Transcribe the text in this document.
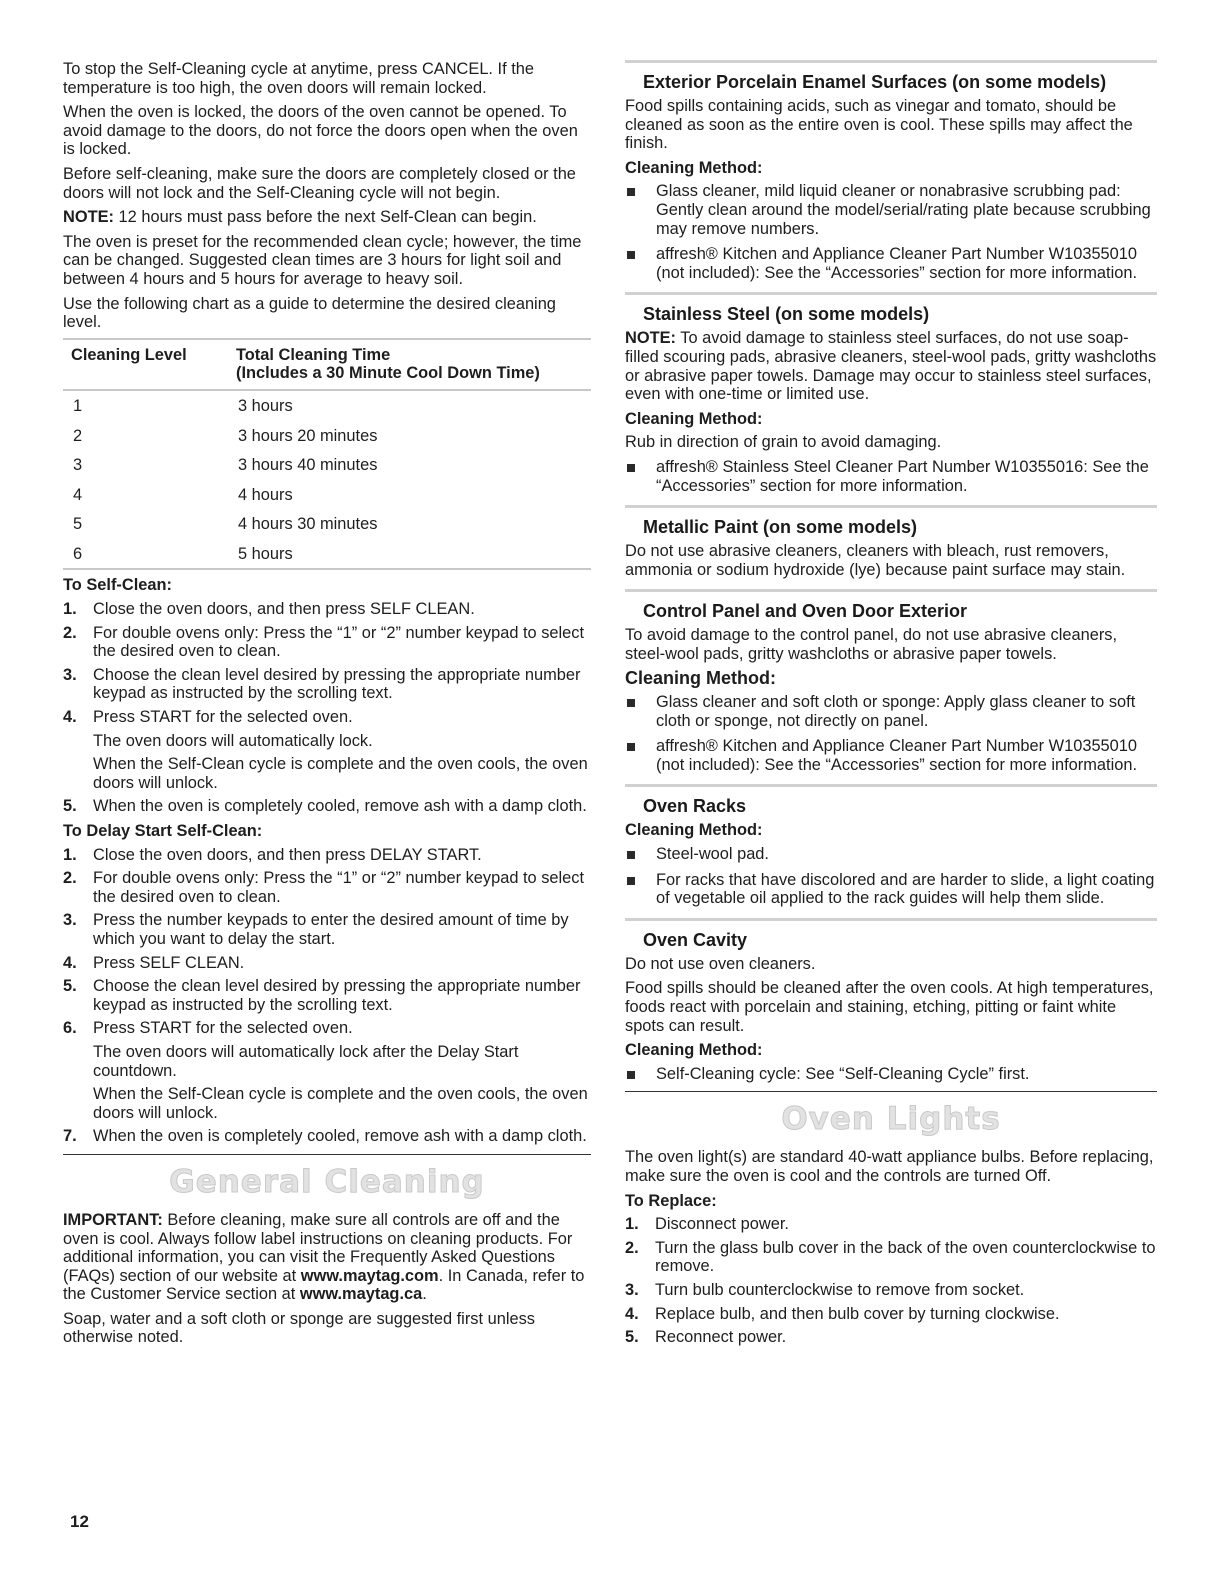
To stop the Self-Cleaning cycle at anytime, press CANCEL. If the temperature is too high, the oven doors will remain locked.

When the oven is locked, the doors of the oven cannot be opened. To avoid damage to the doors, do not force the doors open when the oven is locked.

Before self-cleaning, make sure the doors are completely closed or the doors will not lock and the Self-Cleaning cycle will not begin.

NOTE: 12 hours must pass before the next Self-Clean can begin.

The oven is preset for the recommended clean cycle; however, the time can be changed. Suggested clean times are 3 hours for light soil and between 4 hours and 5 hours for average to heavy soil.

Use the following chart as a guide to determine the desired cleaning level.

Cleaning Level	Total Cleaning Time
(Includes a 30 Minute Cool Down Time)

1	3 hours
2	3 hours 20 minutes
3	3 hours 40 minutes
4	4 hours
5	4 hours 30 minutes
6	5 hours
To Self-Clean:
1. Close the oven doors, and then press SELF CLEAN.

2. For double ovens only: Press the “1” or “2” number keypad to select the desired oven to clean.

3. Choose the clean level desired by pressing the appropriate number keypad as instructed by the scrolling text.

4. Press START for the selected oven.

The oven doors will automatically lock.

When the Self-Clean cycle is complete and the oven cools, the oven doors will unlock.

5. When the oven is completely cooled, remove ash with a damp cloth.

To Delay Start Self-Clean:
1. Close the oven doors, and then press DELAY START.

2. For double ovens only: Press the “1” or “2” number keypad to select the desired oven to clean.

3. Press the number keypads to enter the desired amount of time by which you want to delay the start.

4. Press SELF CLEAN.

5. Choose the clean level desired by pressing the appropriate number keypad as instructed by the scrolling text.

6. Press START for the selected oven.

The oven doors will automatically lock after the Delay Start countdown.

When the Self-Clean cycle is complete and the oven cools, the oven doors will unlock.

7. When the oven is completely cooled, remove ash with a damp cloth.

General Cleaning

IMPORTANT: Before cleaning, make sure all controls are off and the oven is cool. Always follow label instructions on cleaning products. For additional information, you can visit the Frequently Asked Questions (FAQs) section of our website at www.maytag.com. In Canada, refer to the Customer Service section at www.maytag.ca.

Soap, water and a soft cloth or sponge are suggested first unless otherwise noted.

Exterior Porcelain Enamel Surfaces (on some models)

Food spills containing acids, such as vinegar and tomato, should be cleaned as soon as the entire oven is cool. These spills may affect the finish.

Cleaning Method:
Glass cleaner, mild liquid cleaner or nonabrasive scrubbing pad: Gently clean around the model/serial/rating plate because scrubbing may remove numbers.
affresh® Kitchen and Appliance Cleaner Part Number W10355010 (not included): See the “Accessories” section for more information.
Stainless Steel (on some models)

NOTE: To avoid damage to stainless steel surfaces, do not use soap-filled scouring pads, abrasive cleaners, steel-wool pads, gritty washcloths or abrasive paper towels. Damage may occur to stainless steel surfaces, even with one-time or limited use.

Cleaning Method:

Rub in direction of grain to avoid damaging.

affresh® Stainless Steel Cleaner Part Number W10355016: See the “Accessories” section for more information.
Metallic Paint (on some models)

Do not use abrasive cleaners, cleaners with bleach, rust removers, ammonia or sodium hydroxide (lye) because paint surface may stain.

Control Panel and Oven Door Exterior

To avoid damage to the control panel, do not use abrasive cleaners, steel-wool pads, gritty washcloths or abrasive paper towels.

Cleaning Method:
Glass cleaner and soft cloth or sponge: Apply glass cleaner to soft cloth or sponge, not directly on panel.
affresh® Kitchen and Appliance Cleaner Part Number W10355010 (not included): See the “Accessories” section for more information.
Oven Racks
Cleaning Method:
Steel-wool pad.
For racks that have discolored and are harder to slide, a light coating of vegetable oil applied to the rack guides will help them slide.
Oven Cavity

Do not use oven cleaners.

Food spills should be cleaned after the oven cools. At high temperatures, foods react with porcelain and staining, etching, pitting or faint white spots can result.

Cleaning Method:
Self-Cleaning cycle: See “Self-Cleaning Cycle” first.
Oven Lights

The oven light(s) are standard 40-watt appliance bulbs. Before replacing, make sure the oven is cool and the controls are turned Off.

To Replace:
1. Disconnect power.

2. Turn the glass bulb cover in the back of the oven counterclockwise to remove.

3. Turn bulb counterclockwise to remove from socket.

4. Replace bulb, and then bulb cover by turning clockwise.

5. Reconnect power.

12
